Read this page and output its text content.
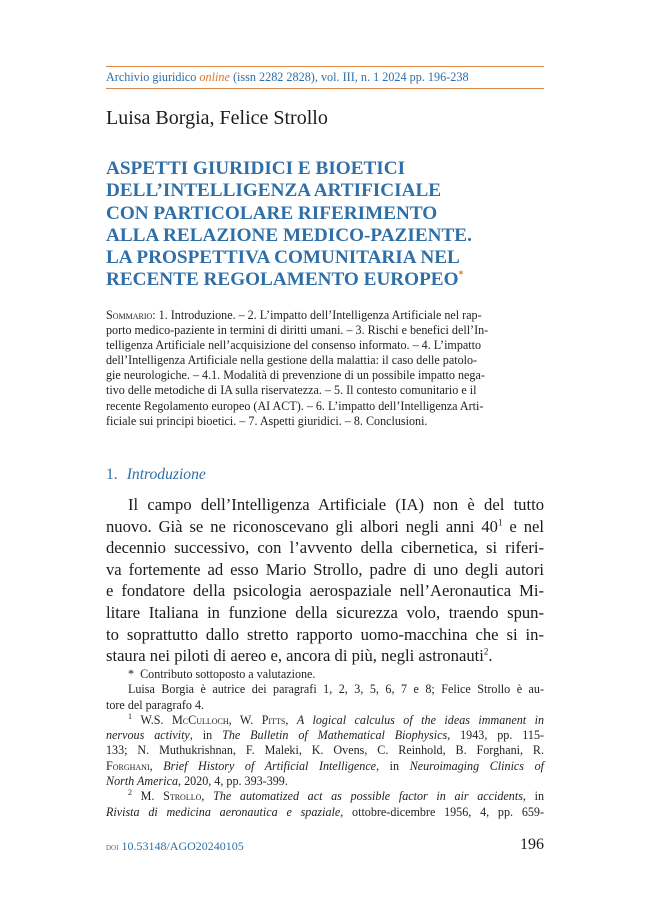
Archivio giuridico online (issn 2282 2828), vol. III, n. 1 2024 pp. 196-238
Luisa Borgia, Felice Strollo
ASPETTI GIURIDICI E BIOETICI
DELL’INTELLIGENZA ARTIFICIALE
CON PARTICOLARE RIFERIMENTO
ALLA RELAZIONE MEDICO-PAZIENTE.
LA PROSPETTIVA COMUNITARIA NEL
RECENTE REGOLAMENTO EUROPEO*
Sommario: 1. Introduzione. – 2. L’impatto dell’Intelligenza Artificiale nel rap-
porto medico-paziente in termini di diritti umani. – 3. Rischi e benefici dell’In-
telligenza Artificiale nell’acquisizione del consenso informato. – 4. L’impatto
dell’Intelligenza Artificiale nella gestione della malattia: il caso delle patolo-
gie neurologiche. – 4.1. Modalità di prevenzione di un possibile impatto nega-
tivo delle metodiche di IA sulla riservatezza. – 5. Il contesto comunitario e il
recente Regolamento europeo (AI ACT). – 6. L’impatto dell’Intelligenza Arti-
ficiale sui principi bioetici. – 7. Aspetti giuridici. – 8. Conclusioni.
1. Introduzione
Il campo dell’Intelligenza Artificiale (IA) non è del tutto
nuovo. Già se ne riconoscevano gli albori negli anni $40^1$ e nel
decennio successivo, con l’avvento della cibernetica, si riferi-
va fortemente ad esso Mario Strollo, padre di uno degli autori
e fondatore della psicologia aerospaziale nell’Aeronautica Mi-
litare Italiana in funzione della sicurezza volo, traendo spun-
to soprattutto dallo stretto rapporto uomo-macchina che si in-
staura nei piloti di aereo e, ancora di più, negli astronauti$^2$.
* Contributo sottoposto a valutazione.
Luisa Borgia è autrice dei paragrafi 1, 2, 3, 5, 6, 7 e 8; Felice Strollo è au-
tore del paragrafo 4.
$^1$ W.S. McCulloch, W. Pitts, A logical calculus of the ideas immanent in
nervous activity, in The Bulletin of Mathematical Biophysics, 1943, pp. 115-
133; N. Muthukrishnan, F. Maleki, K. Ovens, C. Reinhold, B. Forghani, R.
Forghani, Brief History of Artificial Intelligence, in Neuroimaging Clinics of
North America, 2020, 4, pp. 393-399.
$^2$ M. Strollo, The automatized act as possible factor in air accidents, in
Rivista di medicina aeronautica e spaziale, ottobre-dicembre 1956, 4, pp. 659-
doi 10.53148/AGO20240105	196
